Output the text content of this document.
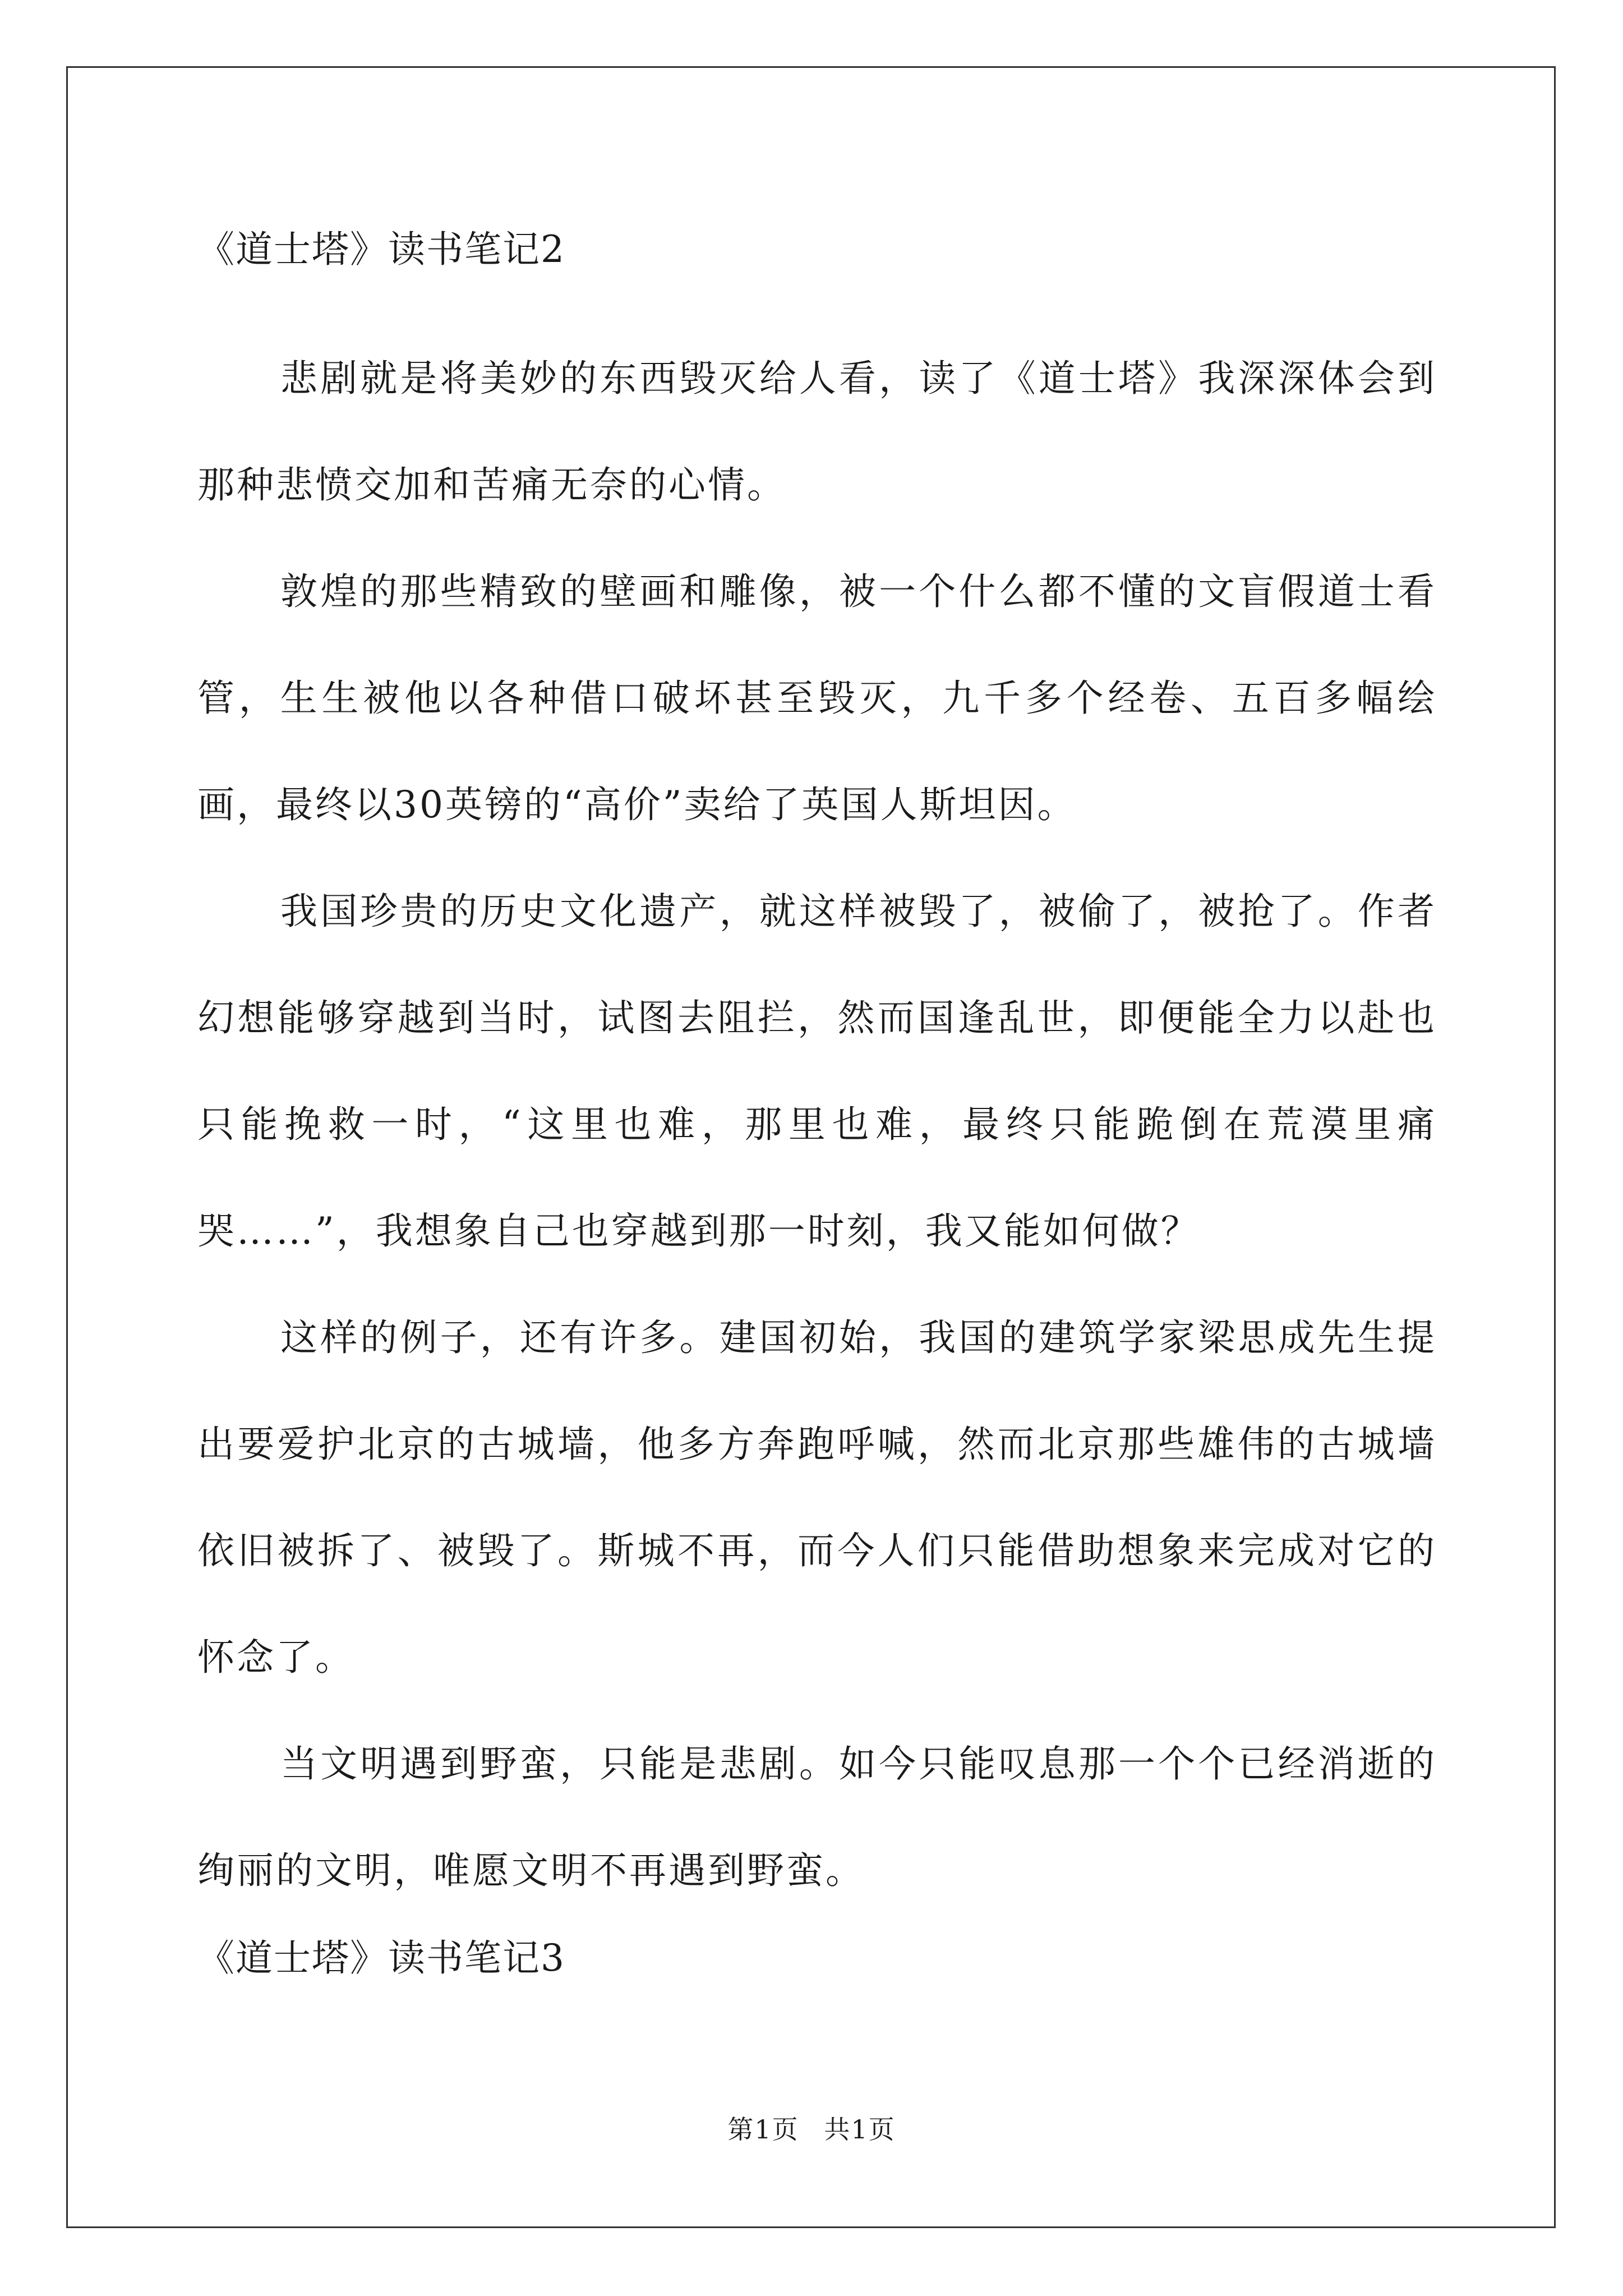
《道士塔》读书笔记2

悲剧就是将美妙的东西毁灭给人看，读了《道士塔》我深深体会到那种悲愤交加和苦痛无奈的心情。

敦煌的那些精致的壁画和雕像，被一个什么都不懂的文盲假道士看管，生生被他以各种借口破坏甚至毁灭，九千多个经卷、五百多幅绘画，最终以30英镑的“高价”卖给了英国人斯坦因。

我国珍贵的历史文化遗产，就这样被毁了，被偷了，被抢了。作者幻想能够穿越到当时，试图去阻拦，然而国逢乱世，即便能全力以赴也只能挽救一时，“这里也难，那里也难，最终只能跪倒在荒漠里痛哭……”，我想象自己也穿越到那一时刻，我又能如何做？

这样的例子，还有许多。建国初始，我国的建筑学家梁思成先生提出要爱护北京的古城墙，他多方奔跑呼喊，然而北京那些雄伟的古城墙依旧被拆了、被毁了。斯城不再，而今人们只能借助想象来完成对它的怀念了。

当文明遇到野蛮，只能是悲剧。如今只能叹息那一个个已经消逝的绚丽的文明，唯愿文明不再遇到野蛮。

《道士塔》读书笔记3
第1页 共1页
